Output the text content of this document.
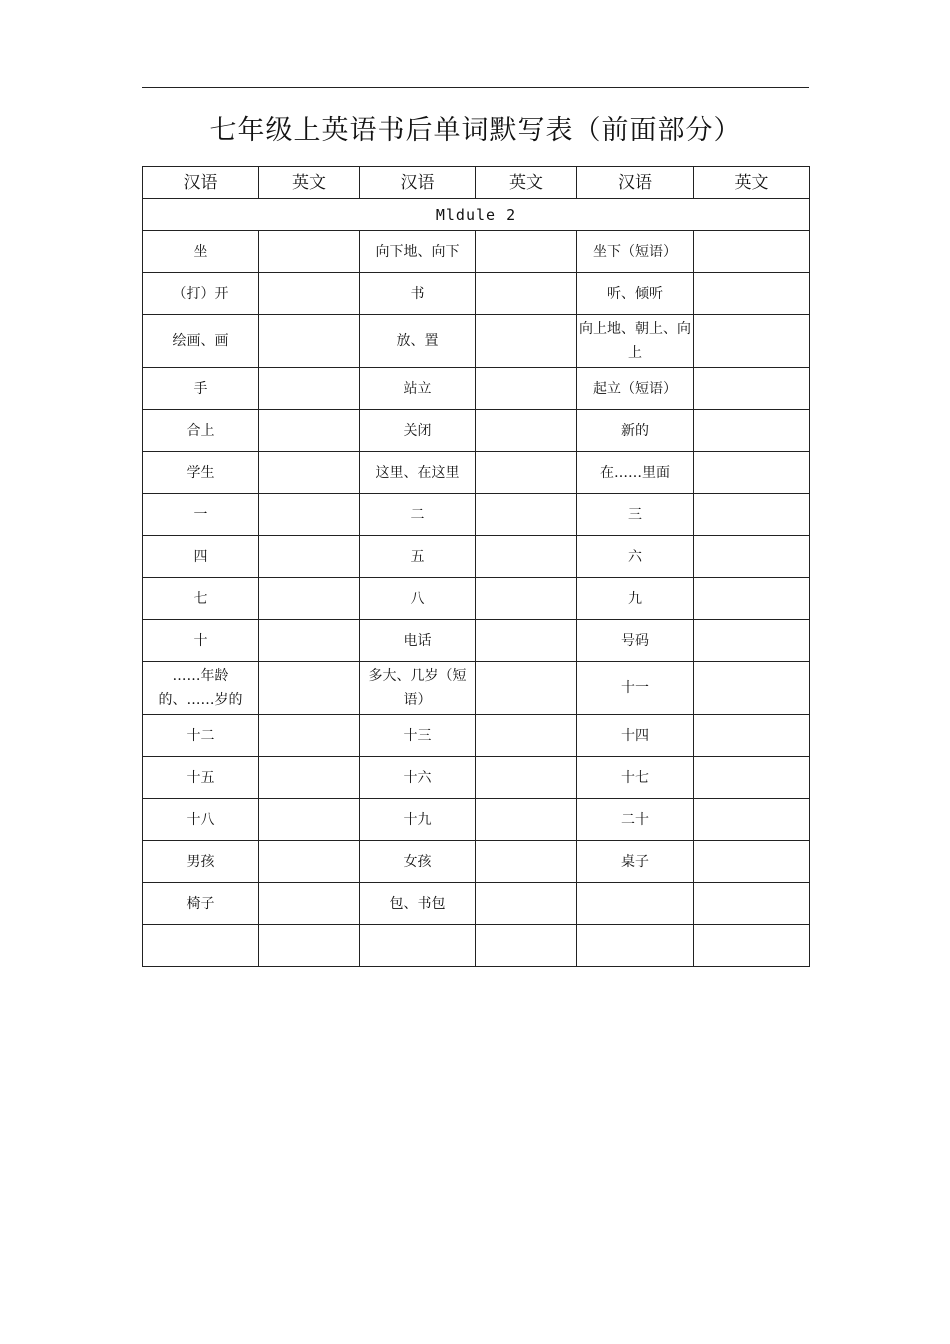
七年级上英语书后单词默写表（前面部分）
汉语	英文	汉语	英文	汉语	英文
Mldule 2					
坐		向下地、向下		坐下（短语）	
（打）开		书		听、倾听	
绘画、画		放、置		向上地、朝上、向上	
手		站立		起立（短语）	
合上		关闭		新的	
学生		这里、在这里		在……里面	
一		二		三	
四		五		六	
七		八		九	
十		电话		号码	
……年龄的、……岁的		多大、几岁（短语）		十一	
十二		十三		十四	
十五		十六		十七	
十八		十九		二十	
男孩		女孩		桌子	
椅子		包、书包			
